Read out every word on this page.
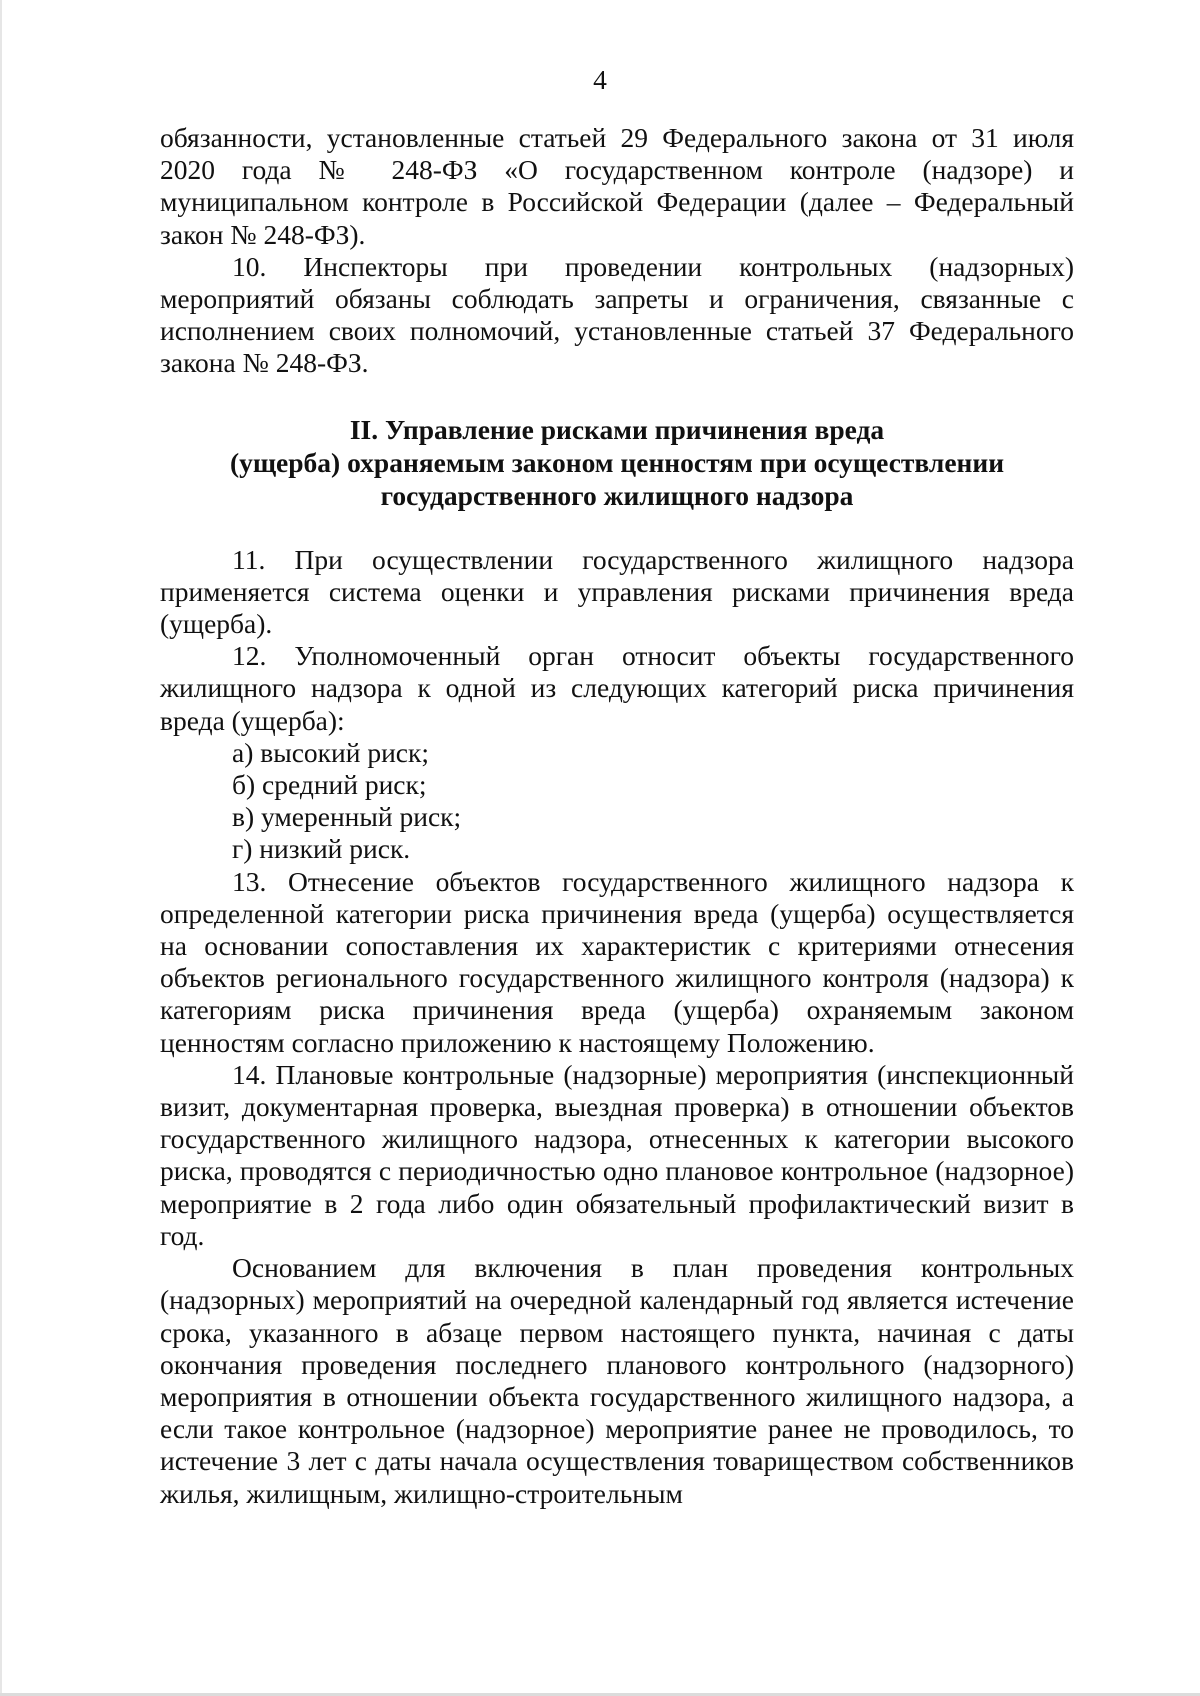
4

обязанности, установленные статьей 29 Федерального закона от 31 июля 2020 года № 248-ФЗ «О государственном контроле (надзоре) и муниципальном контроле в Российской Федерации (далее – Федеральный закон № 248-ФЗ).

10. Инспекторы при проведении контрольных (надзорных) мероприятий обязаны соблюдать запреты и ограничения, связанные с исполнением своих полномочий, установленные статьей 37 Федерального закона № 248-ФЗ.

II. Управление рисками причинения вреда
(ущерба) охраняемым законом ценностям при осуществлении
государственного жилищного надзора

11. При осуществлении государственного жилищного надзора применяется система оценки и управления рисками причинения вреда (ущерба).

12. Уполномоченный орган относит объекты государственного жилищного надзора к одной из следующих категорий риска причинения вреда (ущерба):

а) высокий риск;

б) средний риск;

в) умеренный риск;

г) низкий риск.

13. Отнесение объектов государственного жилищного надзора к определенной категории риска причинения вреда (ущерба) осуществляется на основании сопоставления их характеристик с критериями отнесения объектов регионального государственного жилищного контроля (надзора) к категориям риска причинения вреда (ущерба) охраняемым законом ценностям согласно приложению к настоящему Положению.

14. Плановые контрольные (надзорные) мероприятия (инспекционный визит, документарная проверка, выездная проверка) в отношении объектов государственного жилищного надзора, отнесенных к категории высокого риска, проводятся с периодичностью одно плановое контрольное (надзорное) мероприятие в 2 года либо один обязательный профилактический визит в год.

Основанием для включения в план проведения контрольных (надзорных) мероприятий на очередной календарный год является истечение срока, указанного в абзаце первом настоящего пункта, начиная с даты окончания проведения последнего планового контрольного (надзорного) мероприятия в отношении объекта государственного жилищного надзора, а если такое контрольное (надзорное) мероприятие ранее не проводилось, то истечение 3 лет с даты начала осуществления товариществом собственников жилья, жилищным, жилищно-строительным
